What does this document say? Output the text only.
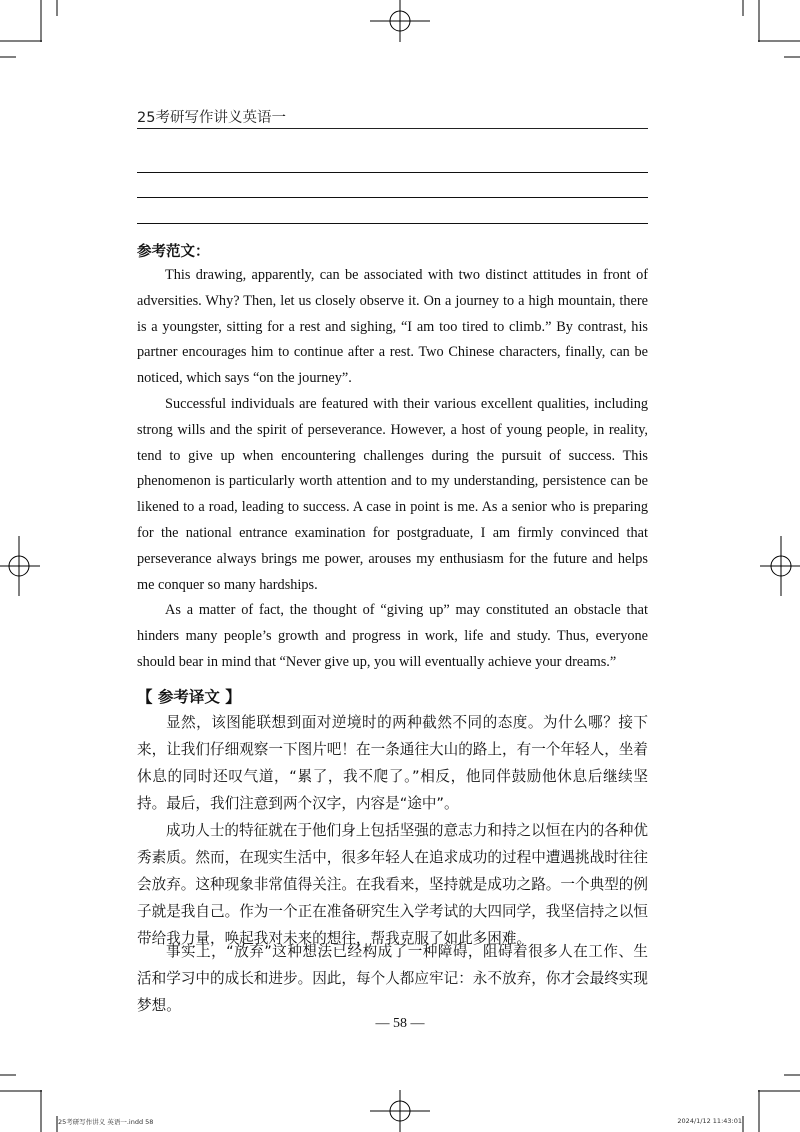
25考研写作讲义英语一
参考范文：

This drawing, apparently, can be associated with two distinct attitudes in front of adversities. Why? Then, let us closely observe it. On a journey to a high mountain, there is a youngster, sitting for a rest and sighing, “I am too tired to climb.” By contrast, his partner encourages him to continue after a rest. Two Chinese characters, finally, can be noticed, which says “on the journey”.

Successful individuals are featured with their various excellent qualities, including strong wills and the spirit of perseverance. However, a host of young people, in reality, tend to give up when encountering challenges during the pursuit of success. This phenomenon is particularly worth attention and to my understanding, persistence can be likened to a road, leading to success. A case in point is me. As a senior who is preparing for the national entrance examination for postgraduate, I am firmly convinced that perseverance always brings me power, arouses my enthusiasm for the future and helps me conquer so many hardships.

As a matter of fact, the thought of “giving up” may constituted an obstacle that hinders many people’s growth and progress in work, life and study. Thus, everyone should bear in mind that “Never give up, you will eventually achieve your dreams.”

【 参考译文 】

显然，该图能联想到面对逆境时的两种截然不同的态度。为什么哪？接下来，让我们仔细观察一下图片吧！在一条通往大山的路上，有一个年轻人，坐着休息的同时还叹气道，“累了，我不爬了。”相反，他同伴鼓励他休息后继续坚持。最后，我们注意到两个汉字，内容是“途中”。

成功人士的特征就在于他们身上包括坚强的意志力和持之以恒在内的各种优秀素质。然而，在现实生活中，很多年轻人在追求成功的过程中遭遇挑战时往往会放弃。这种现象非常值得关注。在我看来，坚持就是成功之路。一个典型的例子就是我自己。作为一个正在准备研究生入学考试的大四同学，我坚信持之以恒带给我力量，唤起我对未来的想往，帮我克服了如此多困难。

事实上，“放弃”这种想法已经构成了一种障碍，阻碍着很多人在工作、生活和学习中的成长和进步。因此，每个人都应牢记：永不放弃，你才会最终实现梦想。

— 58 —
25考研写作讲义 英语一.indd 58	2024/1/12 11:43:01
